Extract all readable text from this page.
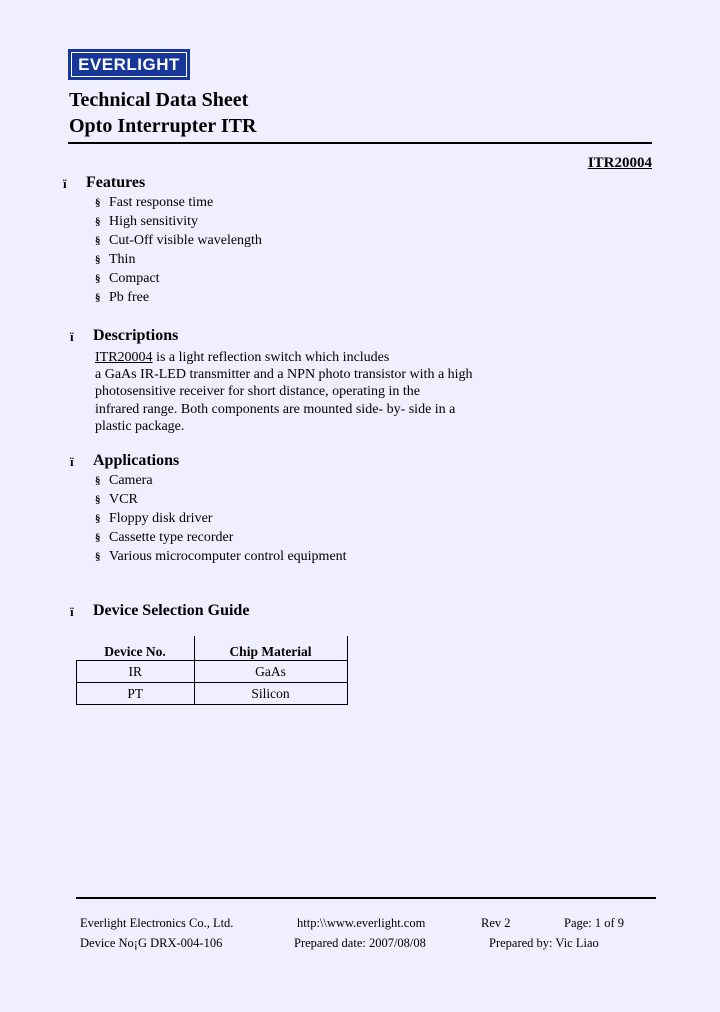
EVERLIGHT
Technical Data Sheet
Opto Interrupter ITR
ITR20004
ï Features
§ Fast response time
§ High sensitivity
§ Cut-Off visible wavelength
§ Thin
§ Compact
§ Pb free
ï Descriptions

ITR20004 is a light reflection switch which includes

a GaAs IR-LED transmitter and a NPN photo transistor with a high

photosensitive receiver for short distance, operating in the

infrared range. Both components are mounted side- by- side in a

plastic package.

ï Applications
§ Camera
§ VCR
§ Floppy disk driver
§ Cassette type recorder
§ Various microcomputer control equipment
ï Device Selection Guide
Device No.	Chip Material
IR	GaAs
PT	Silicon
Everlight Electronics Co., Ltd.	http:\\www.everlight.com	Rev 2	Page: 1 of 9
Device No¡G DRX-004-106	Prepared date: 2007/08/08	Prepared by: Vic Liao
